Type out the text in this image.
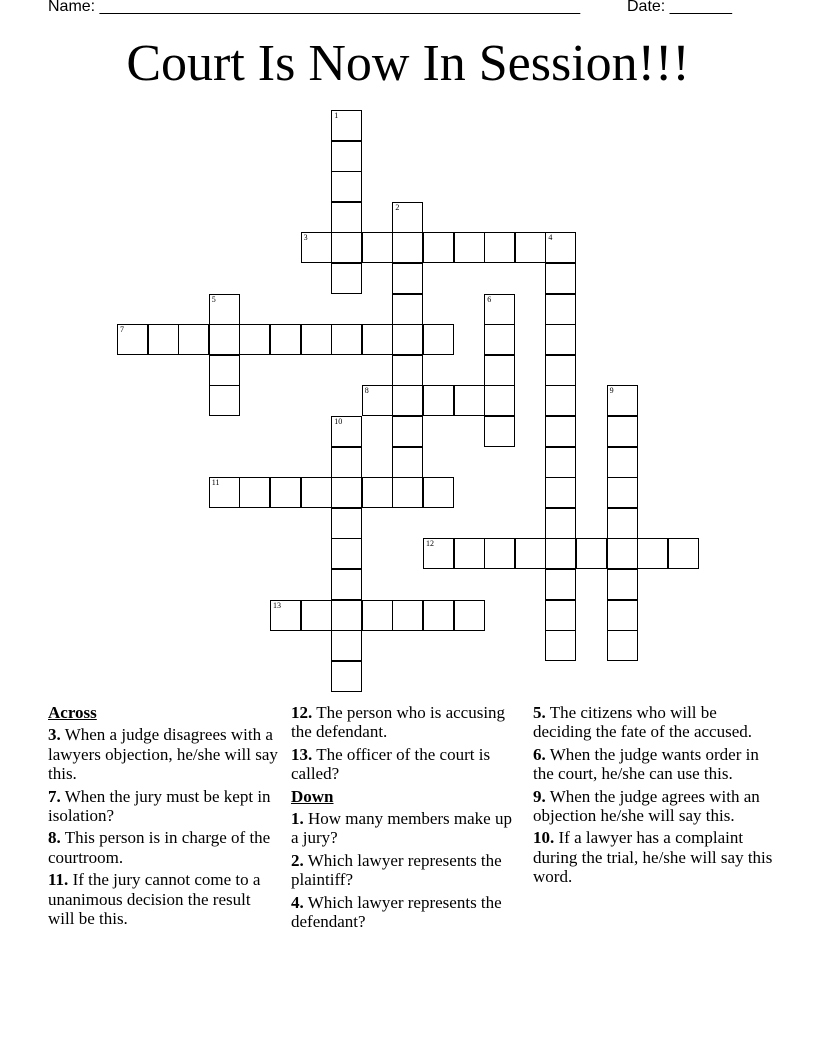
Name: ______________________________________________________	Date: _______
Court Is Now In Session!!!
1
2
3	4
5	6
7
8	9
10
11
12
13
Across
3. When a judge disagrees with a lawyers objection, he/she will say this.
7. When the jury must be kept in isolation?
8. This person is in charge of the courtroom.
11. If the jury cannot come to a unanimous decision the result will be this.
12. The person who is accusing the defendant.
13. The officer of the court is called?
Down
1. How many members make up a jury?
2. Which lawyer represents the plaintiff?
4. Which lawyer represents the defendant?
5. The citizens who will be deciding the fate of the accused.
6. When the judge wants order in the court, he/she can use this.
9. When the judge agrees with an objection he/she will say this.
10. If a lawyer has a complaint during the trial, he/she will say this word.
